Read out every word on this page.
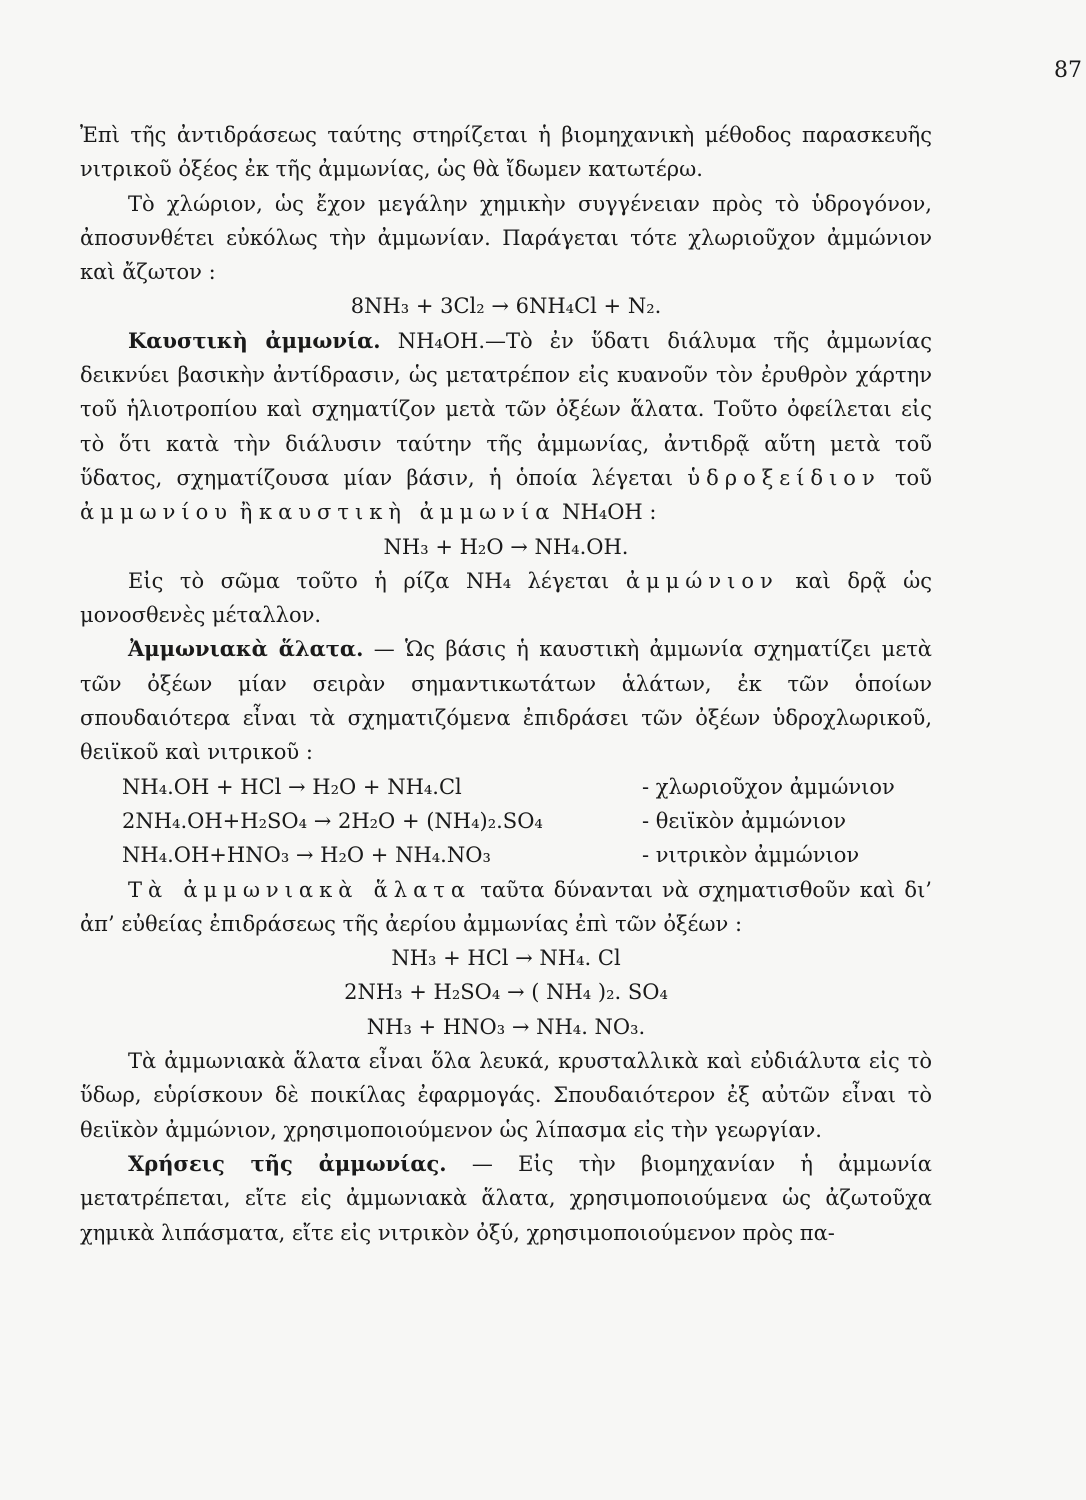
87

Ἐπὶ τῆς ἀντιδράσεως ταύτης στηρίζεται ἡ βιομηχανικὴ μέθοδος παρασκευῆς νιτρικοῦ ὀξέος ἐκ τῆς ἀμμωνίας, ὡς θὰ ἴδωμεν κατωτέρω.

Τὸ χλώριον, ὡς ἔχον μεγάλην χημικὴν συγγένειαν πρὸς τὸ ὑδρογόνον, ἀποσυνθέτει εὐκόλως τὴν ἀμμωνίαν. Παράγεται τότε χλωριοῦχον ἀμμώνιον καὶ ἄζωτον :

8NH₃ + 3Cl₂ → 6NH₄Cl + N₂.

Καυστικὴ ἀμμωνία. NH₄OH.—Τὸ ἐν ὕδατι διάλυμα τῆς ἀμμωνίας δεικνύει βασικὴν ἀντίδρασιν, ὡς μετατρέπον εἰς κυανοῦν τὸν ἐρυθρὸν χάρτην τοῦ ἡλιοτροπίου καὶ σχηματίζον μετὰ τῶν ὀξέων ἅλατα. Τοῦτο ὀφείλεται εἰς τὸ ὅτι κατὰ τὴν διάλυσιν ταύτην τῆς ἀμμωνίας, ἀντιδρᾷ αὕτη μετὰ τοῦ ὕδατος, σχηματίζουσα μίαν βάσιν, ἡ ὁποία λέγεται ὑδροξείδιον τοῦ ἀμμωνίου ἢ καυστικὴ ἀμμωνία NH₄OH :

NH₃ + H₂O → NH₄.OH.

Εἰς τὸ σῶμα τοῦτο ἡ ρίζα NH₄ λέγεται ἀμμώνιον καὶ δρᾷ ὡς μονοσθενὲς μέταλλον.

Ἀμμωνιακὰ ἅλατα. — Ὡς βάσις ἡ καυστικὴ ἀμμωνία σχηματίζει μετὰ τῶν ὀξέων μίαν σειρὰν σημαντικωτάτων ἁλάτων, ἐκ τῶν ὁποίων σπουδαιότερα εἶναι τὰ σχηματιζόμενα ἐπιδράσει τῶν ὀξέων ὑδροχλωρικοῦ, θειϊκοῦ καὶ νιτρικοῦ :

NH₄.OH + HCl → H₂O + NH₄.Cl	- χλωριοῦχον ἀμμώνιον
2NH₄.OH+H₂SO₄ → 2H₂O + (NH₄)₂.SO₄	- θειϊκὸν ἀμμώνιον
NH₄.OH+HNO₃ → H₂O + NH₄.NO₃	- νιτρικὸν ἀμμώνιον

Τὰ ἀμμωνιακὰ ἅλατα ταῦτα δύνανται νὰ σχηματισθοῦν καὶ δι’ ἀπ’ εὐθείας ἐπιδράσεως τῆς ἀερίου ἀμμωνίας ἐπὶ τῶν ὀξέων :

NH₃ + HCl → NH₄. Cl

2NH₃ + H₂SO₄ → ( NH₄ )₂. SO₄

NH₃ + HNO₃ → NH₄. NO₃.

Τὰ ἀμμωνιακὰ ἅλατα εἶναι ὅλα λευκά, κρυσταλλικὰ καὶ εὐδιάλυτα εἰς τὸ ὕδωρ, εὑρίσκουν δὲ ποικίλας ἐφαρμογάς. Σπουδαιότερον ἐξ αὐτῶν εἶναι τὸ θειϊκὸν ἀμμώνιον, χρησιμοποιούμενον ὡς λίπασμα εἰς τὴν γεωργίαν.

Χρήσεις τῆς ἀμμωνίας. — Εἰς τὴν βιομηχανίαν ἡ ἀμμωνία μετατρέπεται, εἴτε εἰς ἀμμωνιακὰ ἅλατα, χρησιμοποιούμενα ὡς ἀζωτοῦχα χημικὰ λιπάσματα, εἴτε εἰς νιτρικὸν ὀξύ, χρησιμοποιούμενον πρὸς πα-
